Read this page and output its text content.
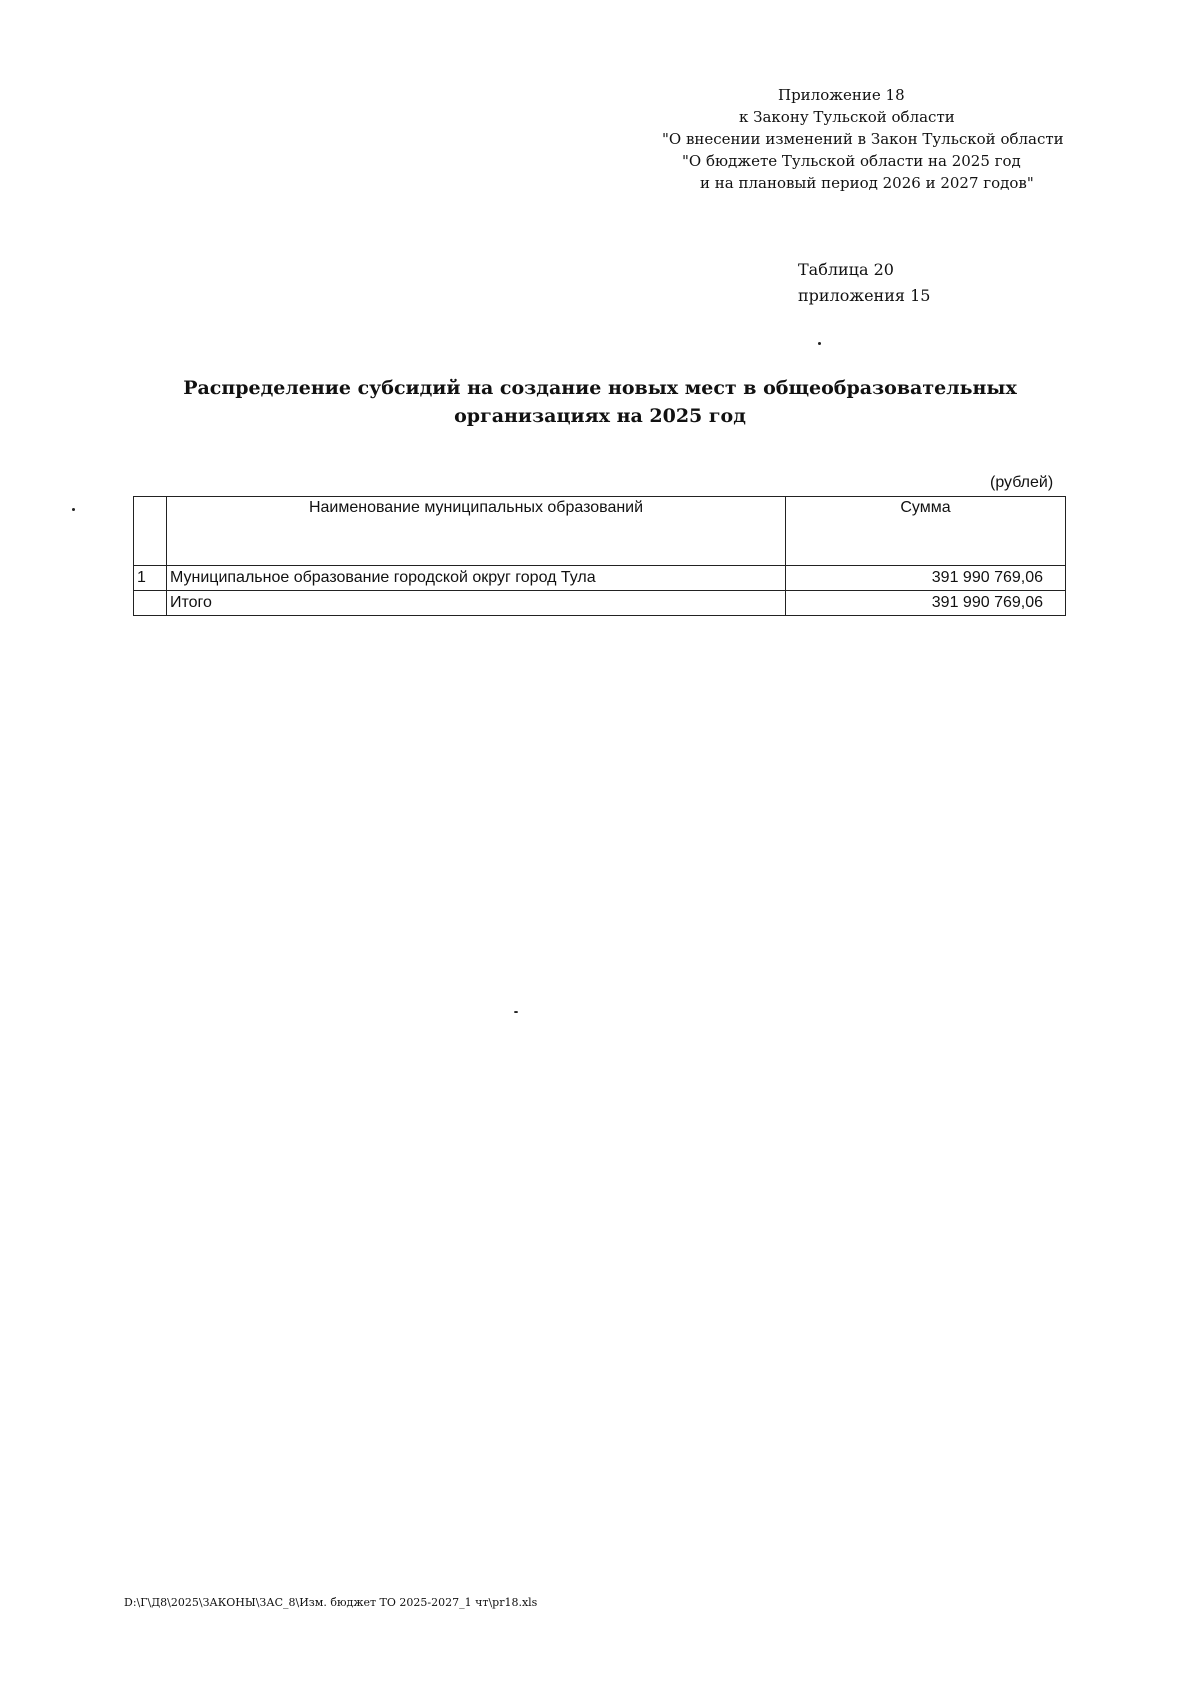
Приложение 18
к Закону Тульской области
"О внесении изменений в Закон Тульской области
"О бюджете Тульской области на 2025 год
и на плановый период 2026 и 2027 годов"
Таблица 20
приложения 15
Распределение субсидий на создание новых мест в общеобразовательных
организациях на 2025 год
(рублей)
	Наименование муниципальных образований	Сумма
1	Муниципальное образование городской округ город Тула	391 990 769,06
	Итого	391 990 769,06
D:\Г\Д8\2025\ЗАКОНЫ\ЗАС_8\Изм. бюджет ТО 2025-2027_1 чт\pr18.xls
